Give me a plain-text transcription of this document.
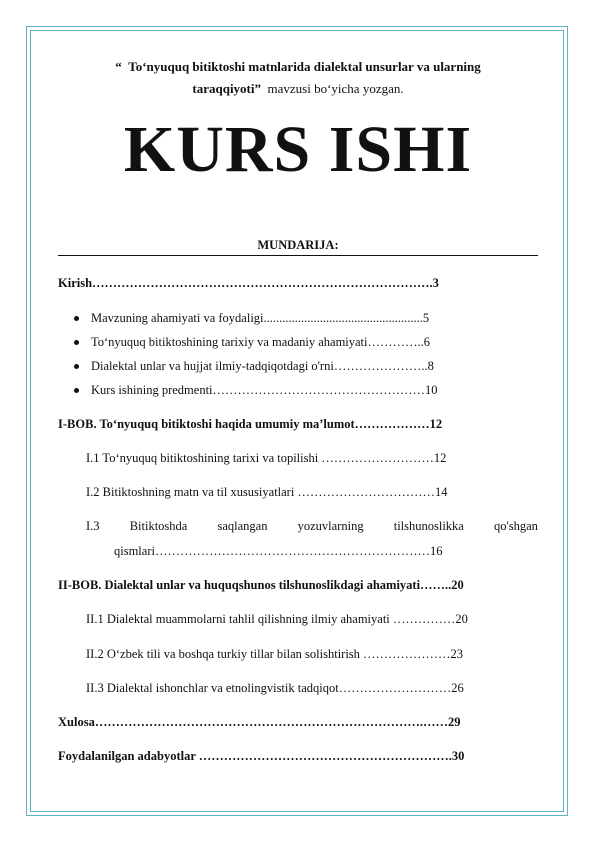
“ To‘nyuquq bitiktoshi matnlarida dialektal unsurlar va ularning
taraqqiyoti” mavzusi bo‘yicha yozgan.
KURS ISHI
MUNDARIJA:
Kirish……………………………………………………………………….3
Mavzuning ahamiyati va foydaligi...................................................5
To‘nyuquq bitiktoshining tarixiy va madaniy ahamiyati…………..6
Dialektal unlar va hujjat ilmiy-tadqiqotdagi o'rni…………………..8
Kurs ishining predmenti……………………………………………10
I-BOB. To‘nyuquq bitiktoshi haqida umumiy ma’lumot………………12
I.1 To‘nyuquq bitiktoshining tarixi va topilishi ………………………12
I.2 Bitiktoshning matn va til xususiyatlari ……………………………14
I.3 Bitiktoshda saqlangan yozuvlarning tilshunoslikka qo'shgan
qismlari…………………………………………………………16
II-BOB. Dialektal unlar va huquqshunos tilshunoslikdagi ahamiyati……..20
II.1 Dialektal muammolarni tahlil qilishning ilmiy ahamiyati ……………20
II.2 O‘zbek tili va boshqa turkiy tillar bilan solishtirish …………………23
II.3 Dialektal ishonchlar va etnolingvistik tadqiqot………………………26
Xulosa…………………………………………………………………….……29
Foydalanilgan adabyotlar …………………………………………………….30
